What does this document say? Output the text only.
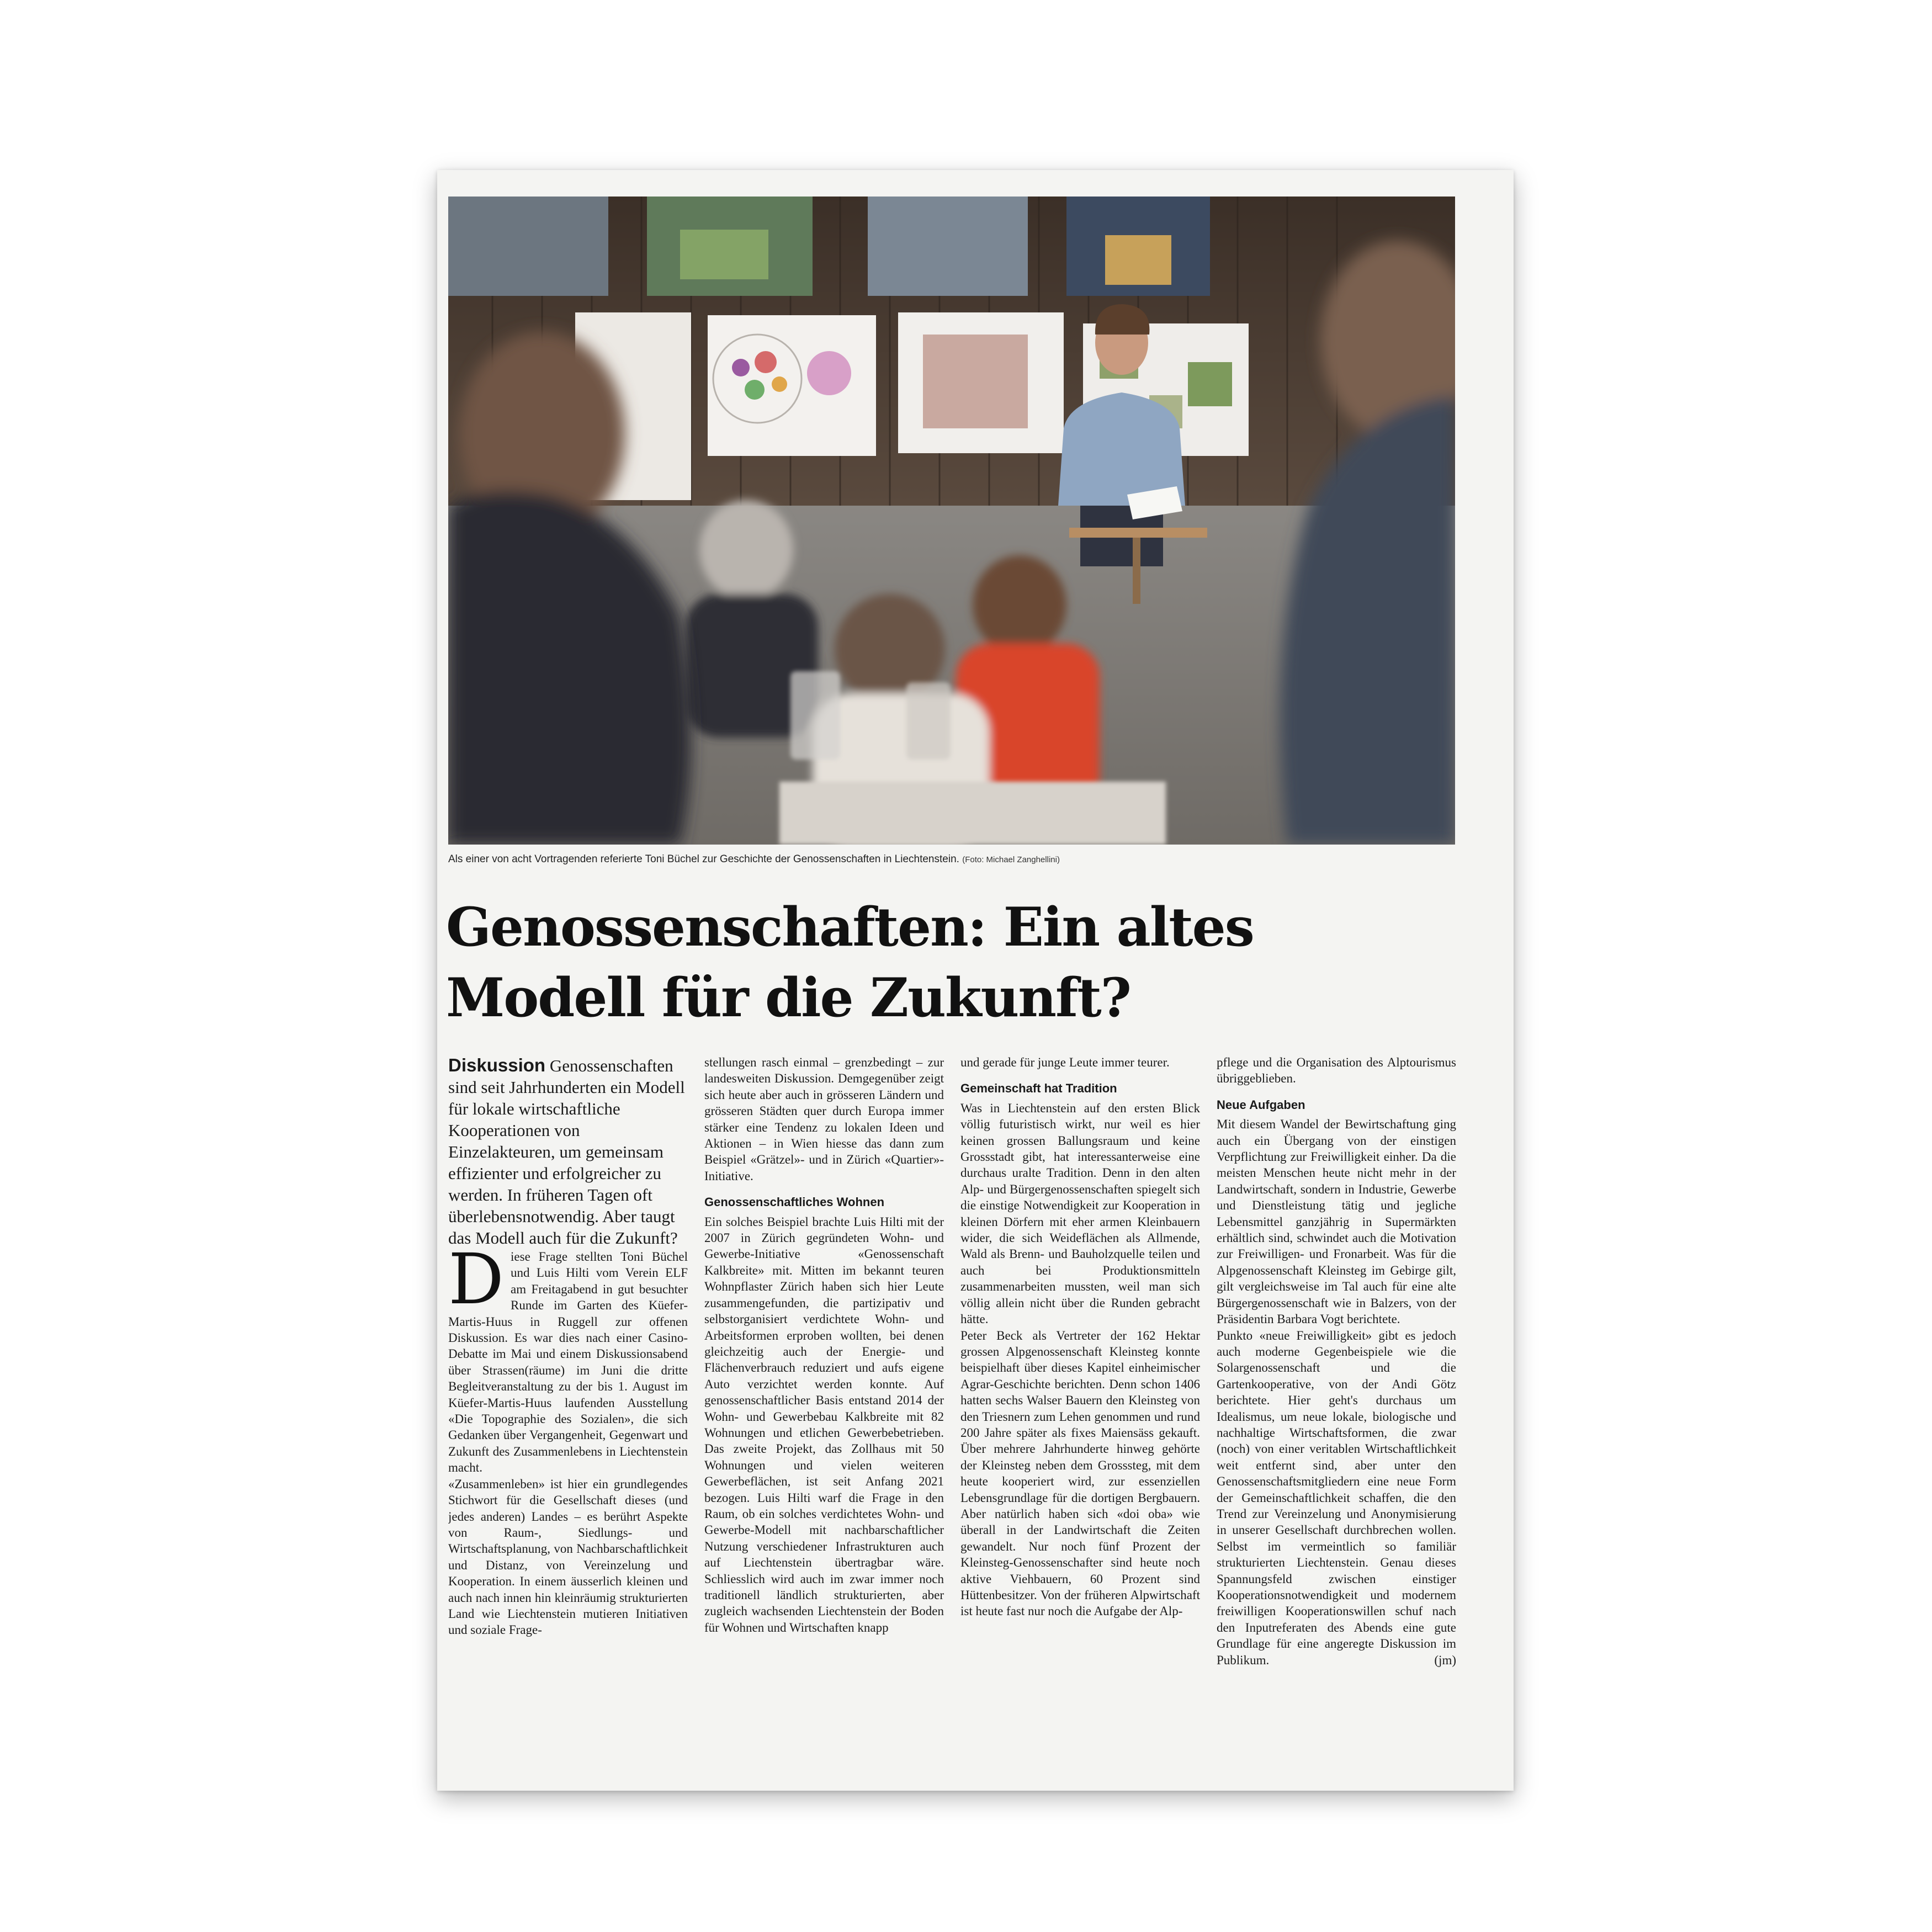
Als einer von acht Vortragenden referierte Toni Büchel zur Geschichte der Genossenschaften in Liechtenstein. (Foto: Michael Zanghellini)
Genossenschaften: Ein altes
Modell für die Zukunft?

Diskussion Genossenschaften sind seit Jahrhunderten ein Modell für lokale wirtschaftliche Kooperationen von Einzelakteuren, um gemeinsam effizienter und erfolgreicher zu werden. In früheren Tagen oft überlebensnotwendig. Aber taugt das Modell auch für die Zukunft?

Diese Frage stellten Toni Büchel und Luis Hilti vom Verein ELF am Freitagabend in gut besuchter Runde im Garten des Küefer-Martis-Huus in Ruggell zur offenen Diskussion. Es war dies nach einer Casino-Debatte im Mai und einem Diskussionsabend über Strassen(räume) im Juni die dritte Begleitveranstaltung zu der bis 1. August im Küefer-Martis-Huus laufenden Ausstellung «Die Topographie des Sozialen», die sich Gedanken über Vergangenheit, Gegenwart und Zukunft des Zusammenlebens in Liechtenstein macht.

«Zusammenleben» ist hier ein grundlegendes Stichwort für die Gesellschaft dieses (und jedes anderen) Landes – es berührt Aspekte von Raum-, Siedlungs- und Wirtschaftsplanung, von Nachbarschaftlichkeit und Distanz, von Vereinzelung und Kooperation. In einem äusserlich kleinen und auch nach innen hin kleinräumig strukturierten Land wie Liechtenstein mutieren Initiativen und soziale Frage-

stellungen rasch einmal – grenzbedingt – zur landesweiten Diskussion. Demgegenüber zeigt sich heute aber auch in grösseren Ländern und grösseren Städten quer durch Europa immer stärker eine Tendenz zu lokalen Ideen und Aktionen – in Wien hiesse das dann zum Beispiel «Grätzel»- und in Zürich «Quartier»-Initiative.

Genossenschaftliches Wohnen

Ein solches Beispiel brachte Luis Hilti mit der 2007 in Zürich gegründeten Wohn- und Gewerbe-Initiative «Genossenschaft Kalkbreite» mit. Mitten im bekannt teuren Wohnpflaster Zürich haben sich hier Leute zusammengefunden, die partizipativ und selbstorganisiert verdichtete Wohn- und Arbeitsformen erproben wollten, bei denen gleichzeitig auch der Energie- und Flächenverbrauch reduziert und aufs eigene Auto verzichtet werden konnte. Auf genossenschaftlicher Basis entstand 2014 der Wohn- und Gewerbebau Kalkbreite mit 82 Wohnungen und etlichen Gewerbebetrieben. Das zweite Projekt, das Zollhaus mit 50 Wohnungen und vielen weiteren Gewerbeflächen, ist seit Anfang 2021 bezogen. Luis Hilti warf die Frage in den Raum, ob ein solches verdichtetes Wohn- und Gewerbe-Modell mit nachbarschaftlicher Nutzung verschiedener Infrastrukturen auch auf Liechtenstein übertragbar wäre. Schliesslich wird auch im zwar immer noch traditionell ländlich strukturierten, aber zugleich wachsenden Liechtenstein der Boden für Wohnen und Wirtschaften knapp

und gerade für junge Leute immer teurer.

Gemeinschaft hat Tradition

Was in Liechtenstein auf den ersten Blick völlig futuristisch wirkt, nur weil es hier keinen grossen Ballungsraum und keine Grossstadt gibt, hat interessanterweise eine durchaus uralte Tradition. Denn in den alten Alp- und Bürgergenossenschaften spiegelt sich die einstige Notwendigkeit zur Kooperation in kleinen Dörfern mit eher armen Kleinbauern wider, die sich Weideflächen als Allmende, Wald als Brenn- und Bauholzquelle teilen und auch bei Produktionsmitteln zusammenarbeiten mussten, weil man sich völlig allein nicht über die Runden gebracht hätte.

Peter Beck als Vertreter der 162 Hektar grossen Alpgenossenschaft Kleinsteg konnte beispielhaft über dieses Kapitel einheimischer Agrar-Geschichte berichten. Denn schon 1406 hatten sechs Walser Bauern den Kleinsteg von den Triesnern zum Lehen genommen und rund 200 Jahre später als fixes Maiensäss gekauft. Über mehrere Jahrhunderte hinweg gehörte der Kleinsteg neben dem Grosssteg, mit dem heute kooperiert wird, zur essenziellen Lebensgrundlage für die dortigen Bergbauern. Aber natürlich haben sich «doi oba» wie überall in der Landwirtschaft die Zeiten gewandelt. Nur noch fünf Prozent der Kleinsteg-Genossenschafter sind heute noch aktive Viehbauern, 60 Prozent sind Hüttenbesitzer. Von der früheren Alpwirtschaft ist heute fast nur noch die Aufgabe der Alp-

pflege und die Organisation des Alptourismus übriggeblieben.

Neue Aufgaben

Mit diesem Wandel der Bewirtschaftung ging auch ein Übergang von der einstigen Verpflichtung zur Freiwilligkeit einher. Da die meisten Menschen heute nicht mehr in der Landwirtschaft, sondern in Industrie, Gewerbe und Dienstleistung tätig und jegliche Lebensmittel ganzjährig in Supermärkten erhältlich sind, schwindet auch die Motivation zur Freiwilligen- und Fronarbeit. Was für die Alpgenossenschaft Kleinsteg im Gebirge gilt, gilt vergleichsweise im Tal auch für eine alte Bürgergenossenschaft wie in Balzers, von der Präsidentin Barbara Vogt berichtete.

Punkto «neue Freiwilligkeit» gibt es jedoch auch moderne Gegenbeispiele wie die Solargenossenschaft und die Gartenkooperative, von der Andi Götz berichtete. Hier geht's durchaus um Idealismus, um neue lokale, biologische und nachhaltige Wirtschaftsformen, die zwar (noch) von einer veritablen Wirtschaftlichkeit weit entfernt sind, aber unter den Genossenschaftsmitgliedern eine neue Form der Gemeinschaftlichkeit schaffen, die den Trend zur Vereinzelung und Anonymisierung in unserer Gesellschaft durchbrechen wollen. Selbst im vermeintlich so familiär strukturierten Liechtenstein. Genau dieses Spannungsfeld zwischen einstiger Kooperationsnotwendigkeit und modernem freiwilligen Kooperationswillen schuf nach den Inputreferaten des Abends eine gute Grundlage für eine angeregte Diskussion im Publikum.	(jm)
